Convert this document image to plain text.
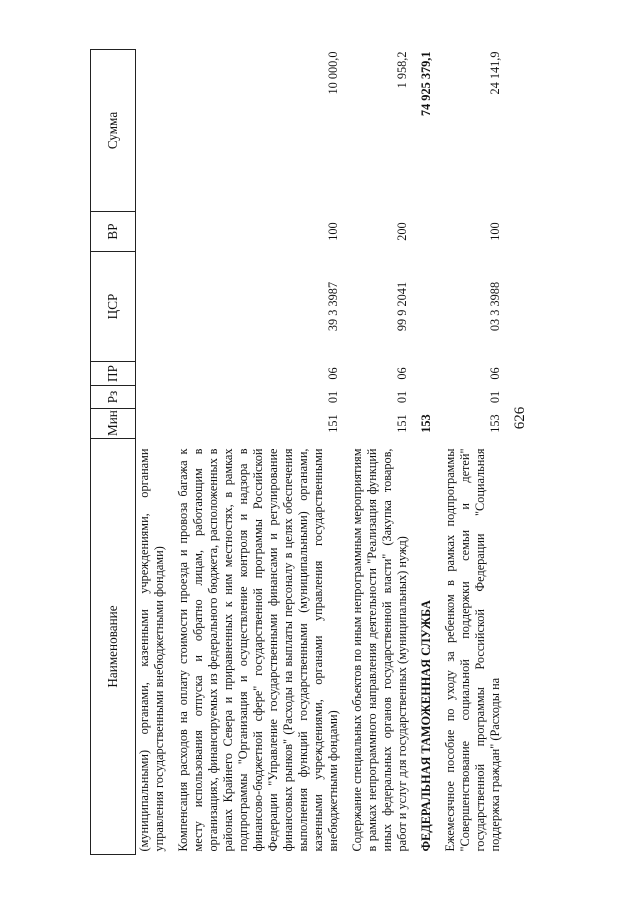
626
Наименование	Мин	Рз	ПР	ЦСР	ВР	Сумма
(муниципальными) органами, казенными учреждениями, органами управления государственными внебюджетными фондами)						
Компенсация расходов на оплату стоимости проезда и провоза багажа к месту использования отпуска и обратно лицам, работающим в организациях, финансируемых из федерального бюджета, расположенных в районах Крайнего Севера и приравненных к ним местностях, в рамках подпрограммы "Организация и осуществление контроля и надзора в финансово-бюджетной сфере" государственной программы Российской Федерации "Управление государственными финансами и регулирование финансовых рынков" (Расходы на выплаты персоналу в целях обеспечения выполнения функций государственными (муниципальными) органами, казенными учреждениями, органами управления государственными внебюджетными фондами)	151	01	06	39 3 3987	100	10 000,0
Содержание специальных объектов по иным непрограммным мероприятиям в рамках непрограммного направления деятельности "Реализация функций иных федеральных органов государственной власти" (Закупка товаров, работ и услуг для государственных (муниципальных) нужд)	151	01	06	99 9 2041	200	1 958,2
ФЕДЕРАЛЬНАЯ ТАМОЖЕННАЯ СЛУЖБА	153					74 925 379,1
Ежемесячное пособие по уходу за ребенком в рамках подпрограммы "Совершенствование социальной поддержки семьи и детей" государственной программы Российской Федерации "Социальная поддержка граждан" (Расходы на	153	01	06	03 3 3988	100	24 141,9
